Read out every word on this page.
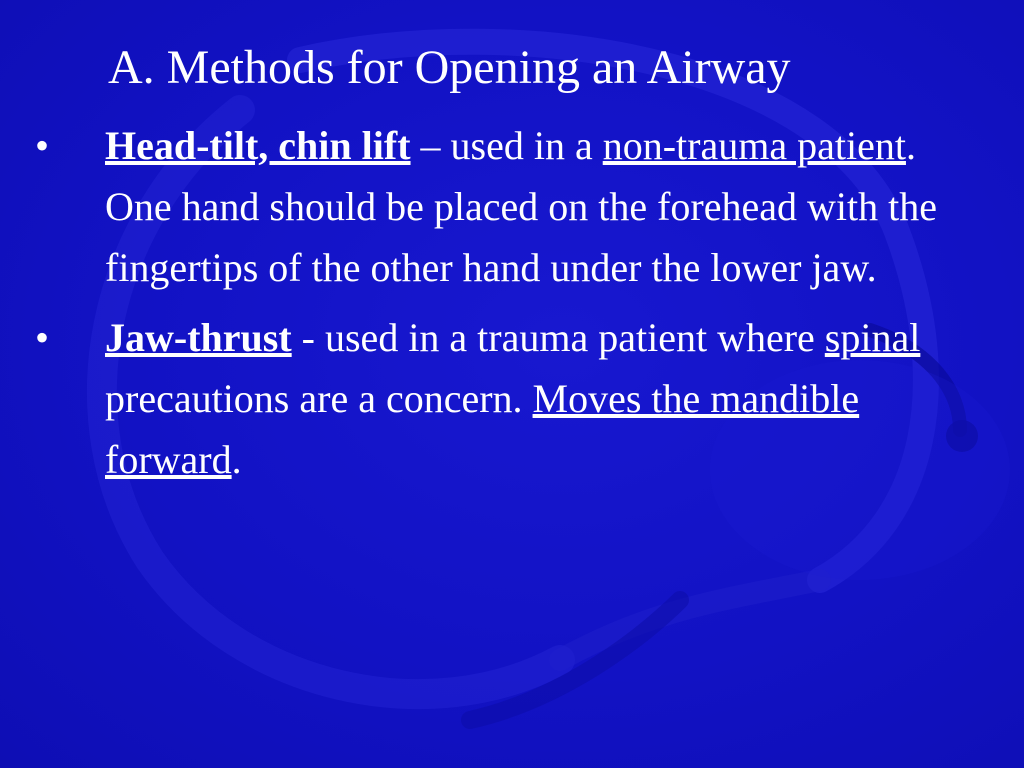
A. Methods for Opening an Airway
• Head-tilt, chin lift – used in a non-trauma patient. One hand should be placed on the forehead with the fingertips of the other hand under the lower jaw.
• Jaw-thrust - used in a trauma patient where spinal precautions are a concern. Moves the mandible forward.
